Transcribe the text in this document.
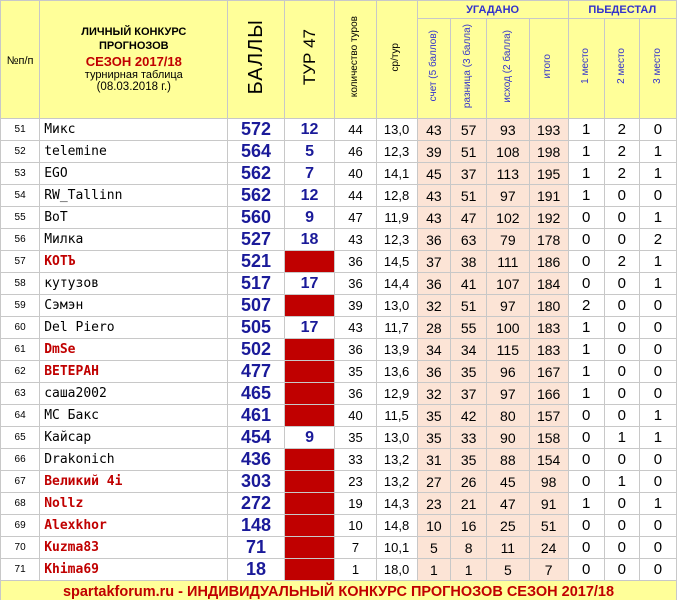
№п/п	ЛИЧНЫЙ КОНКУРС
ПРОГНОЗОВ
СЕЗОН 2017/18
турнирная таблица
(08.03.2018 г.)	БАЛЛЫ	ТУР 47	количество туров	ср/тур	УГАДАНО				ПЬЕДЕСТАЛ		
						счет (5 баллов)	разница (3 балла)	исход (2 балла)	итого	1 место	2 место	3 место
51	Микс	572	12	44	13,0	43	57	93	193	1	2	0
52	telemine	564	5	46	12,3	39	51	108	198	1	2	1
53	EGO	562	7	40	14,1	45	37	113	195	1	2	1
54	RW_Tallinn	562	12	44	12,8	43	51	97	191	1	0	0
55	BoT	560	9	47	11,9	43	47	102	192	0	0	1
56	Милка	527	18	43	12,3	36	63	79	178	0	0	2
57	КОТЪ	521		36	14,5	37	38	111	186	0	2	1
58	кутузов	517	17	36	14,4	36	41	107	184	0	0	1
59	Сэмэн	507		39	13,0	32	51	97	180	2	0	0
60	Del Piero	505	17	43	11,7	28	55	100	183	1	0	0
61	DmSe	502		36	13,9	34	34	115	183	1	0	0
62	ВЕТЕРАН	477		35	13,6	36	35	96	167	1	0	0
63	саша2002	465		36	12,9	32	37	97	166	1	0	0
64	МС Бакс	461		40	11,5	35	42	80	157	0	0	1
65	Кайсар	454	9	35	13,0	35	33	90	158	0	1	1
66	Drakonich	436		33	13,2	31	35	88	154	0	0	0
67	Великий 4i	303		23	13,2	27	26	45	98	0	1	0
68	Nollz	272		19	14,3	23	21	47	91	1	0	1
69	Alexkhor	148		10	14,8	10	16	25	51	0	0	0
70	Kuzma83	71		7	10,1	5	8	11	24	0	0	0
71	Khima69	18		1	18,0	1	1	5	7	0	0	0
spartakforum.ru - ИНДИВИДУАЛЬНЫЙ КОНКУРС ПРОГНОЗОВ СЕЗОН 2017/18												
